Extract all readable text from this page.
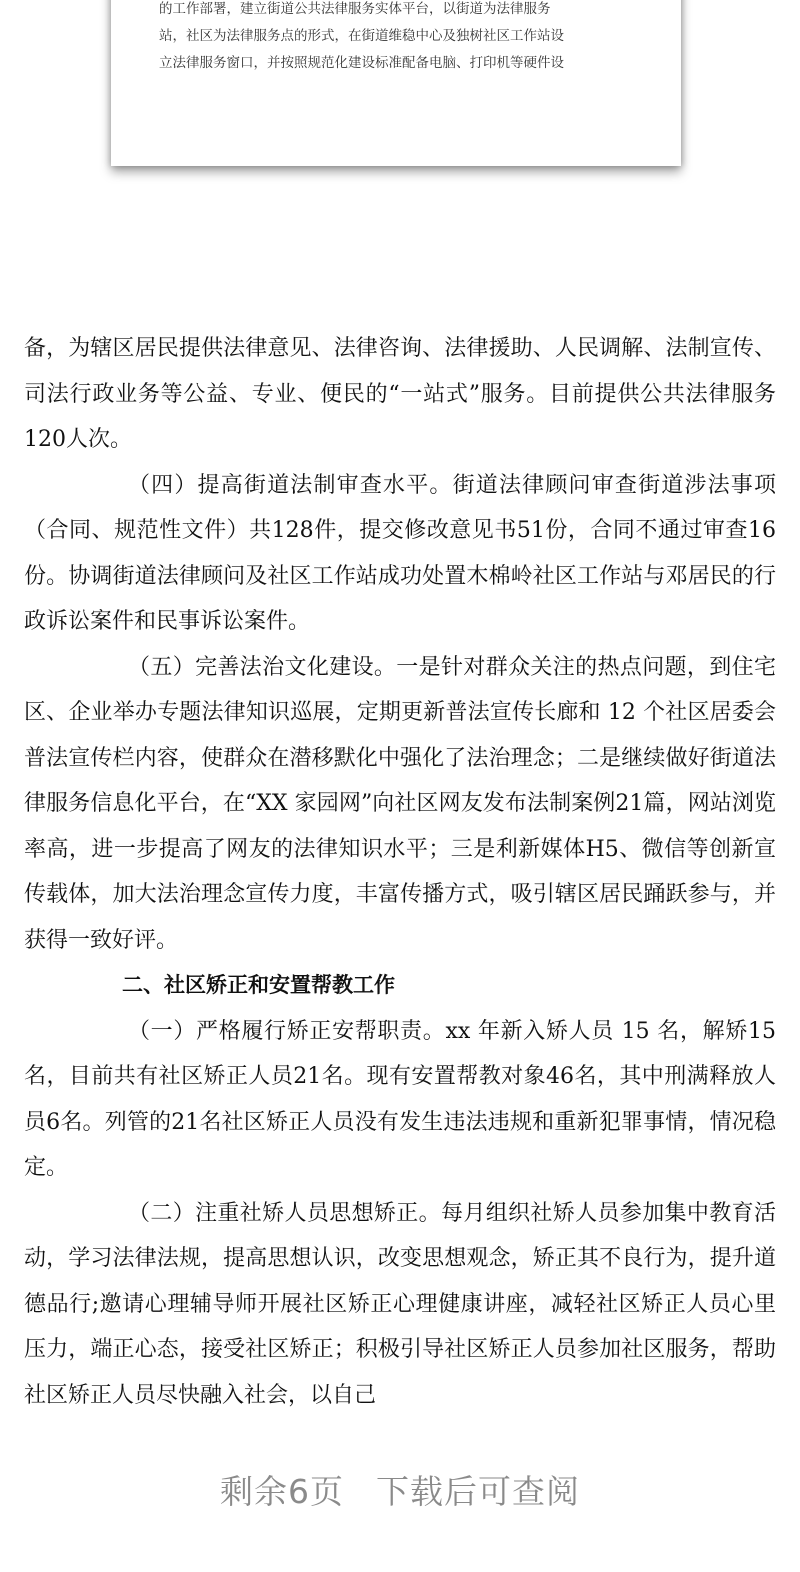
的工作部署，建立街道公共法律服务实体平台，以街道为法律服务

站，社区为法律服务点的形式，在街道维稳中心及独树社区工作站设

立法律服务窗口，并按照规范化建设标准配备电脑、打印机等硬件设

备，为辖区居民提供法律意见、法律咨询、法律援助、人民调解、法制宣传、司法行政业务等公益、专业、便民的“一站式”服务。目前提供公共法律服务120人次。

（四）提高街道法制审查水平。街道法律顾问审查街道涉法事项（合同、规范性文件）共128件，提交修改意见书51份，合同不通过审查16份。协调街道法律顾问及社区工作站成功处置木棉岭社区工作站与邓居民的行政诉讼案件和民事诉讼案件。

（五）完善法治文化建设。一是针对群众关注的热点问题，到住宅区、企业举办专题法律知识巡展，定期更新普法宣传长廊和 12 个社区居委会普法宣传栏内容，使群众在潜移默化中强化了法治理念；二是继续做好街道法律服务信息化平台，在“XX 家园网”向社区网友发布法制案例21篇，网站浏览率高，进一步提高了网友的法律知识水平；三是利新媒体H5、微信等创新宣传载体，加大法治理念宣传力度，丰富传播方式，吸引辖区居民踊跃参与，并获得一致好评。

二、社区矫正和安置帮教工作

（一）严格履行矫正安帮职责。xx 年新入矫人员 15 名，解矫15名，目前共有社区矫正人员21名。现有安置帮教对象46名，其中刑满释放人员6名。列管的21名社区矫正人员没有发生违法违规和重新犯罪事情，情况稳定。

（二）注重社矫人员思想矫正。每月组织社矫人员参加集中教育活动，学习法律法规，提高思想认识，改变思想观念，矫正其不良行为，提升道德品行;邀请心理辅导师开展社区矫正心理健康讲座，减轻社区矫正人员心里压力，端正心态，接受社区矫正；积极引导社区矫正人员参加社区服务，帮助社区矫正人员尽快融入社会，以自己

剩余6页 下载后可查阅
